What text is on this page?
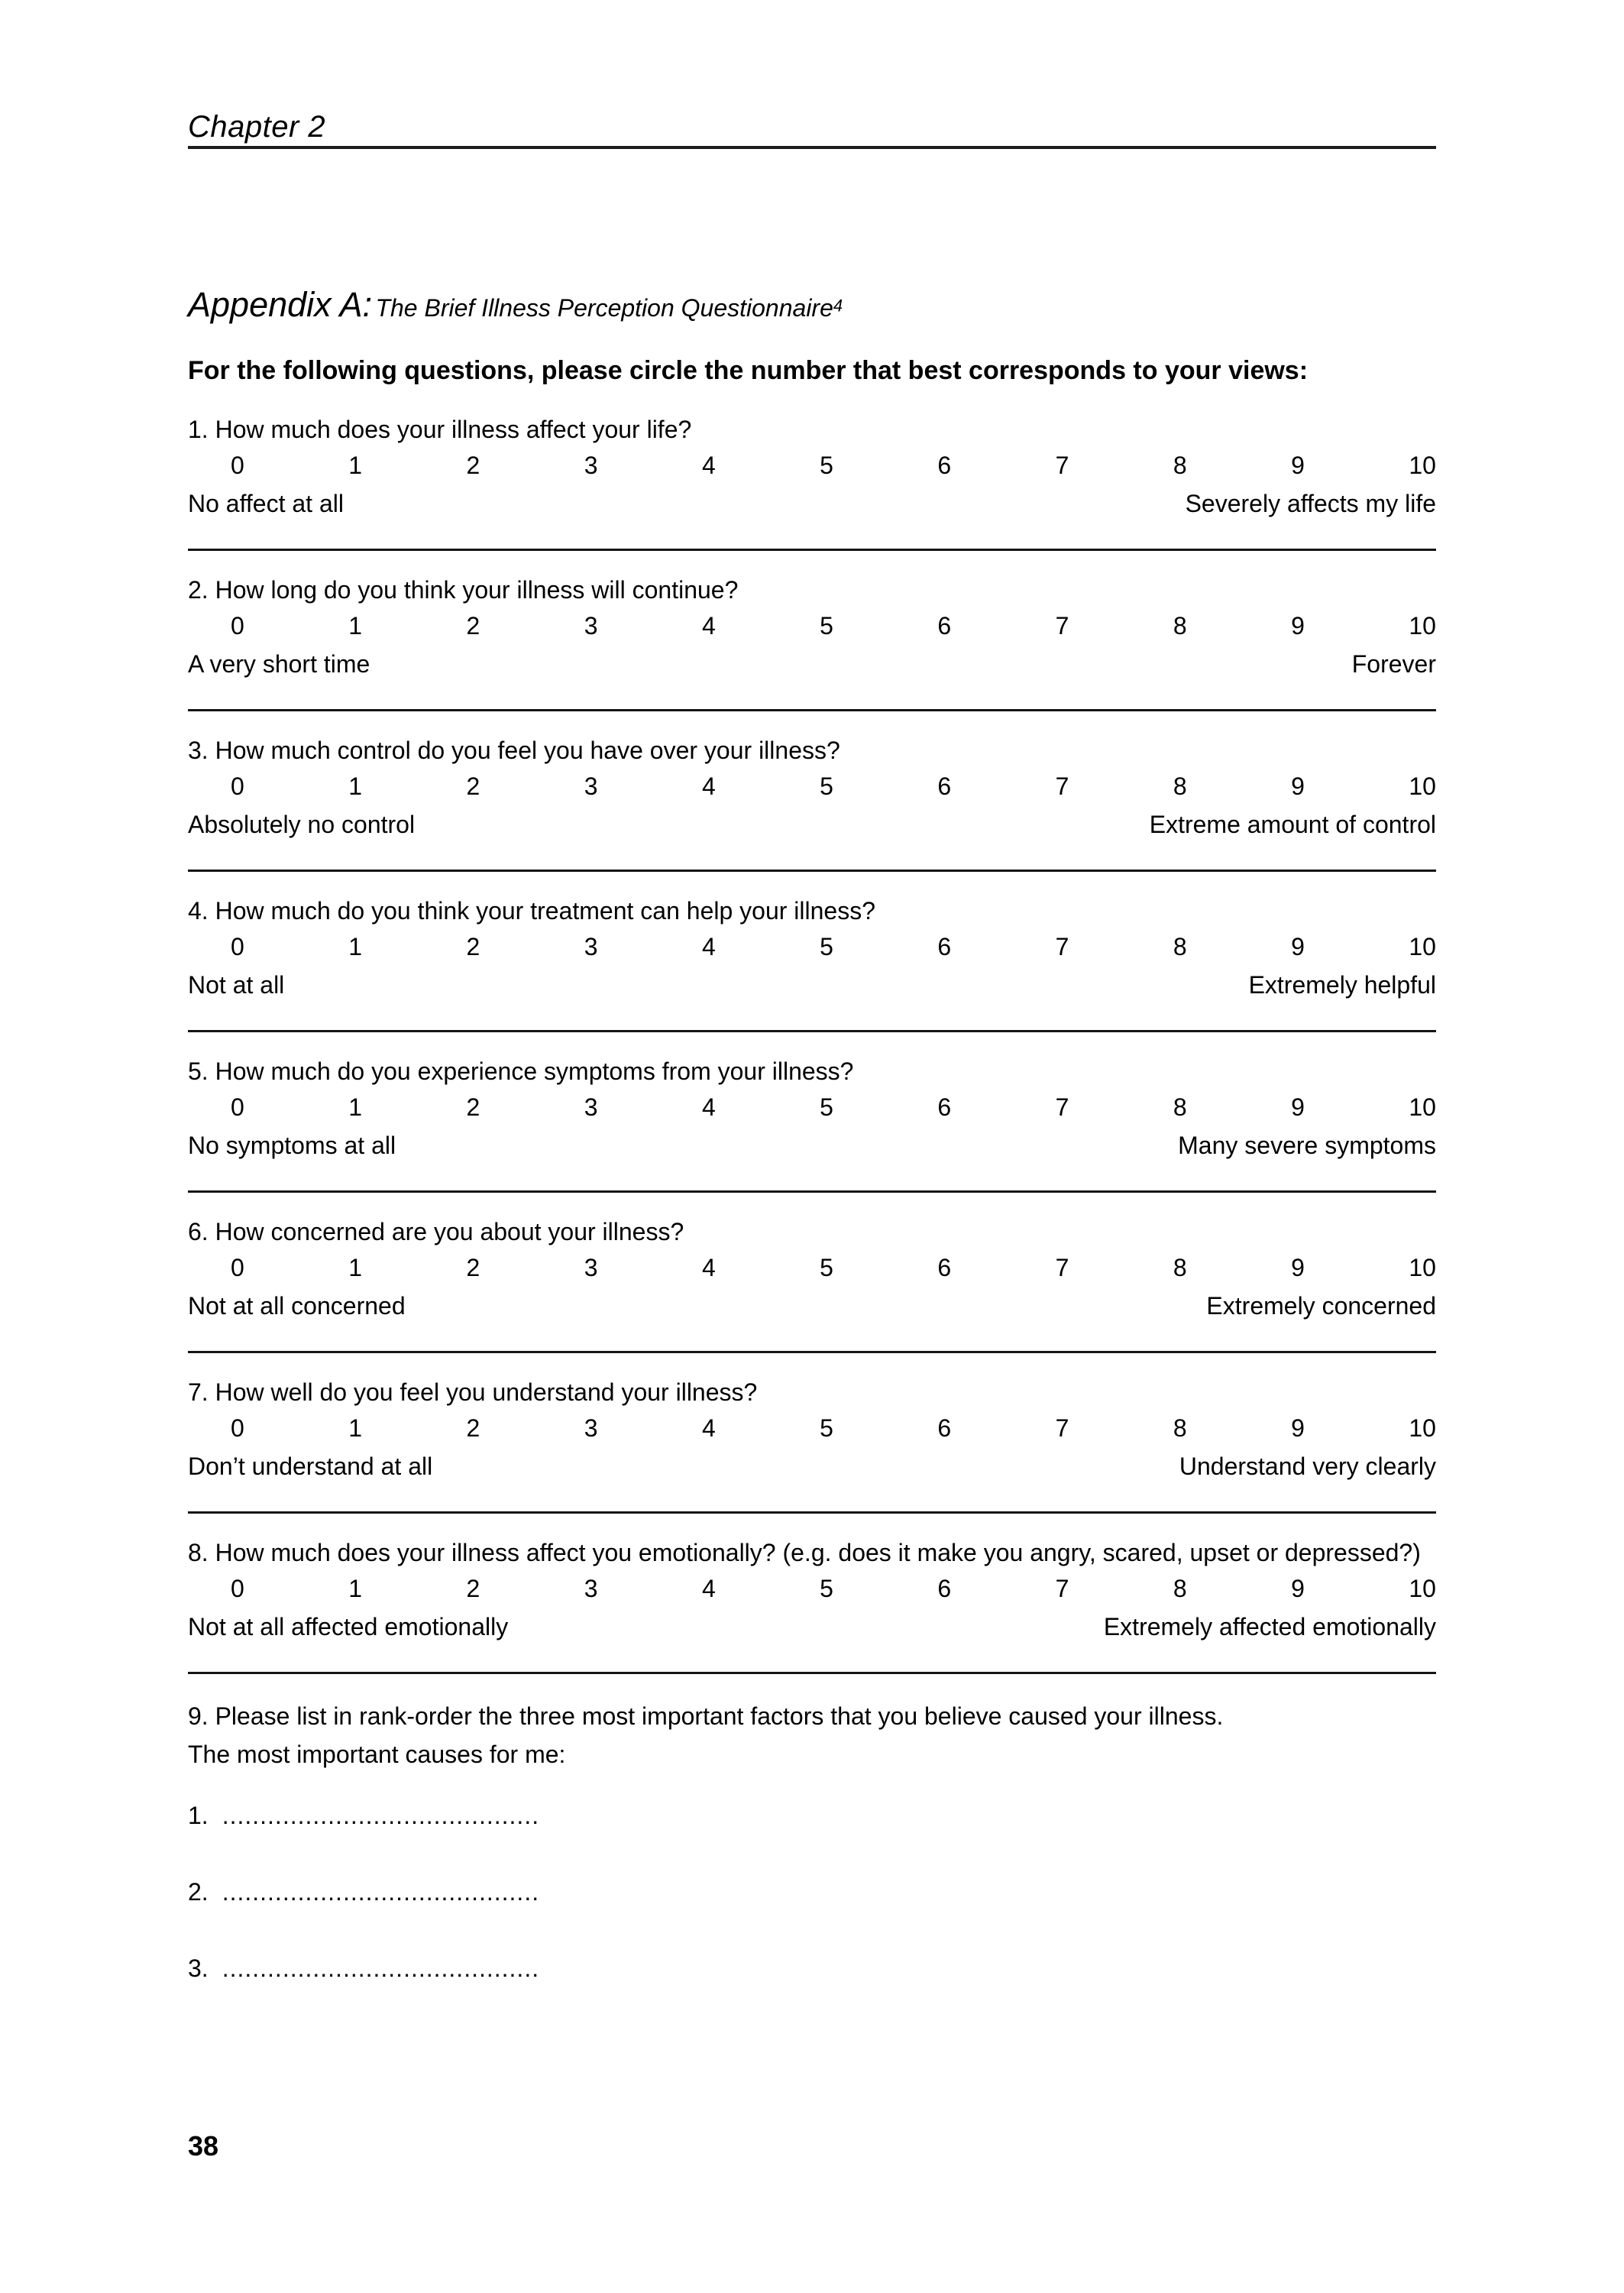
Chapter 2
Appendix A: The Brief Illness Perception Questionnaire$^4$

For the following questions, please circle the number that best corresponds to your views:

1. How much does your illness affect your life?

0	1	2	3	4	5	6	7	8	9	10
No affect at all	Severely affects my life

2. How long do you think your illness will continue?

0	1	2	3	4	5	6	7	8	9	10
A very short time	Forever

3. How much control do you feel you have over your illness?

0	1	2	3	4	5	6	7	8	9	10
Absolutely no control	Extreme amount of control

4. How much do you think your treatment can help your illness?

0	1	2	3	4	5	6	7	8	9	10
Not at all	Extremely helpful

5. How much do you experience symptoms from your illness?

0	1	2	3	4	5	6	7	8	9	10
No symptoms at all	Many severe symptoms

6. How concerned are you about your illness?

0	1	2	3	4	5	6	7	8	9	10
Not at all concerned	Extremely concerned

7. How well do you feel you understand your illness?

0	1	2	3	4	5	6	7	8	9	10
Don’t understand at all	Understand very clearly

8. How much does your illness affect you emotionally? (e.g. does it make you angry, scared, upset or depressed?)

0	1	2	3	4	5	6	7	8	9	10
Not at all affected emotionally	Extremely affected emotionally

9. Please list in rank-order the three most important factors that you believe caused your illness.

The most important causes for me:

1. ..........................................
2. ..........................................
3. ..........................................
38
